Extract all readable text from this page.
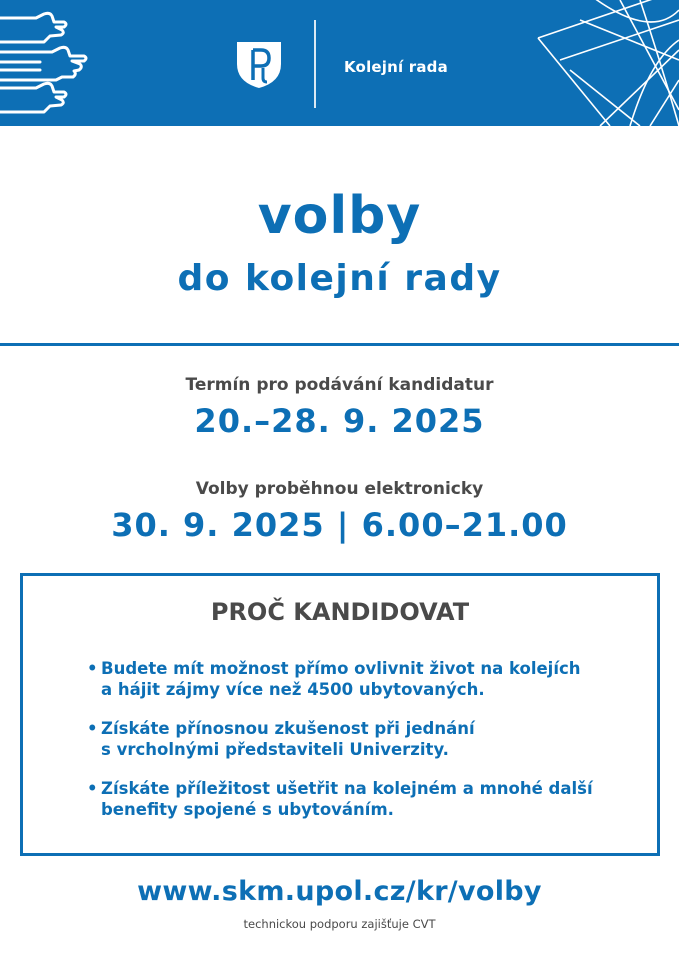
Kolejní rada
volby
do kolejní rady
Termín pro podávání kandidatur
20.–28. 9. 2025
Volby proběhnou elektronicky
30. 9. 2025 | 6.00–21.00
PROČ KANDIDOVAT
• Budete mít možnost přímo ovlivnit život na kolejích
a hájit zájmy více než 4500 ubytovaných.
• Získáte přínosnou zkušenost při jednání
s vrcholnými představiteli Univerzity.
• Získáte příležitost ušetřit na kolejném a mnohé další
benefity spojené s ubytováním.
www.skm.upol.cz/kr/volby
technickou podporu zajišťuje CVT
